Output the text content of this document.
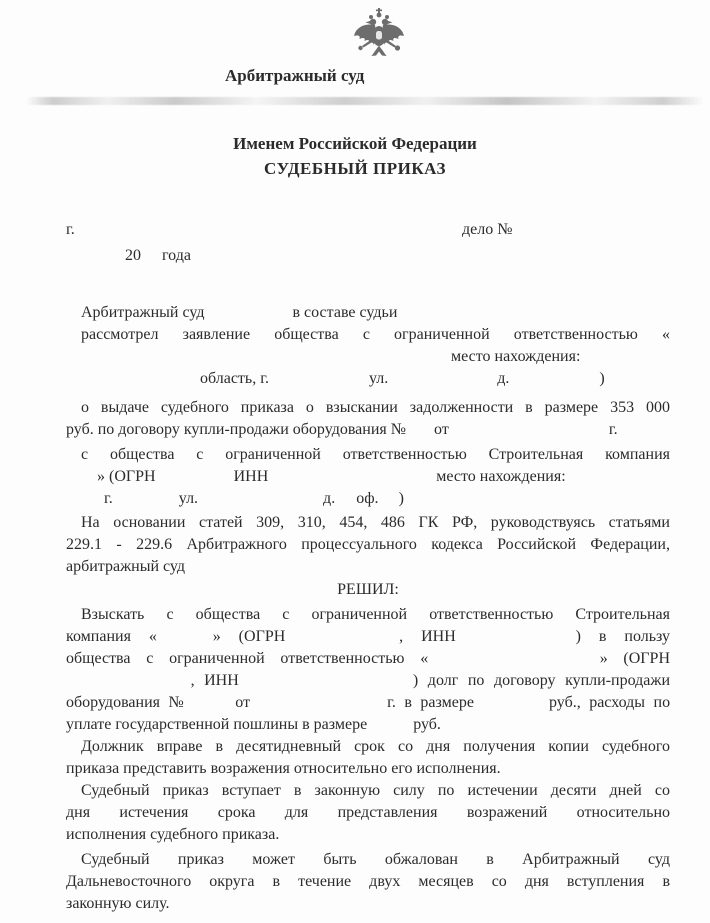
Арбитражный суд
Именем Российской Федерации
СУДЕБНЫЙ ПРИКАЗ
г.	дело №
20 года
Арбитражный суд	в составе судьи
рассмотрел заявление общества с ограниченной ответственностью «
место нахождения:
область, г.	ул.	д.	)
о выдаче судебного приказа о взыскании задолженности в размере 353 000
руб. по договору купли-продажи оборудования № от	г.
с общества с ограниченной ответственностью Строительная компания
» (ОГРН	ИНН	место нахождения:
г.	ул.	д. оф. )
На основании статей 309, 310, 454, 486 ГК РФ, руководствуясь статьями
229.1 - 229.6 Арбитражного процессуального кодекса Российской Федерации,
арбитражный суд
РЕШИЛ:
Взыскать с общества с ограниченной ответственностью Строительная
компания «	» (ОГРН	, ИНН	) в пользу
общества с ограниченной ответственностью «	» (ОГРН
, ИНН	) долг по договору купли-продажи
оборудования №	от	г. в размере	руб., расходы по
уплате государственной пошлины в размере	руб.
Должник вправе в десятидневный срок со дня получения копии судебного
приказа представить возражения относительно его исполнения.
Судебный приказ вступает в законную силу по истечении десяти дней со
дня истечения срока для представления возражений относительно
исполнения судебного приказа.
Судебный приказ может быть обжалован в Арбитражный суд
Дальневосточного округа в течение двух месяцев со дня вступления в
законную силу.
